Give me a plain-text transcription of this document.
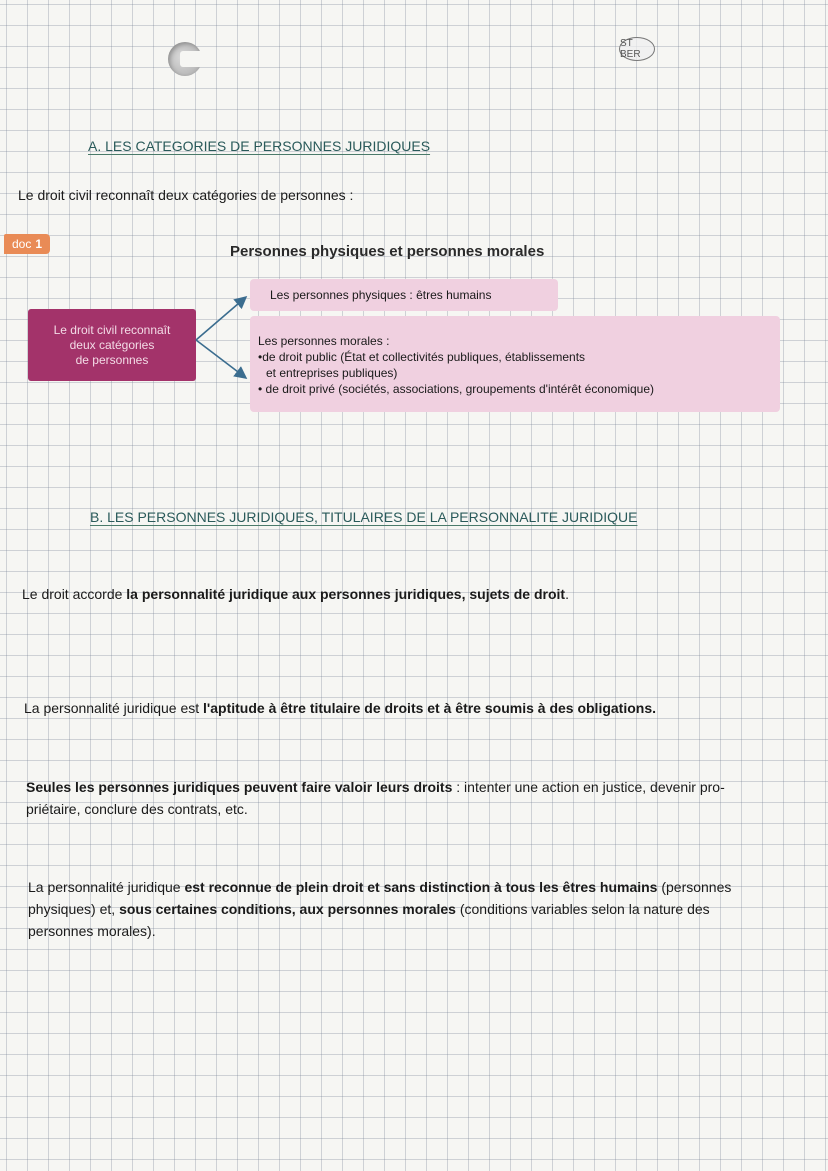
ST BER
A. LES CATEGORIES DE PERSONNES JURIDIQUES
Le droit civil reconnaît deux catégories de personnes :
doc 1	Personnes physiques et personnes morales
Le droit civil reconnaît
deux catégories
de personnes
Les personnes physiques : êtres humains
Les personnes morales :
•de droit public (État et collectivités publiques, établissements
et entreprises publiques)
• de droit privé (sociétés, associations, groupements d'intérêt économique)
B. LES PERSONNES JURIDIQUES, TITULAIRES DE LA PERSONNALITE JURIDIQUE
Le droit accorde la personnalité juridique aux personnes juridiques, sujets de droit.
La personnalité juridique est l'aptitude à être titulaire de droits et à être soumis à des obligations.
Seules les personnes juridiques peuvent faire valoir leurs droits : intenter une action en justice, devenir pro-
priétaire, conclure des contrats, etc.
La personnalité juridique est reconnue de plein droit et sans distinction à tous les êtres humains (personnes
physiques) et, sous certaines conditions, aux personnes morales (conditions variables selon la nature des
personnes morales).
